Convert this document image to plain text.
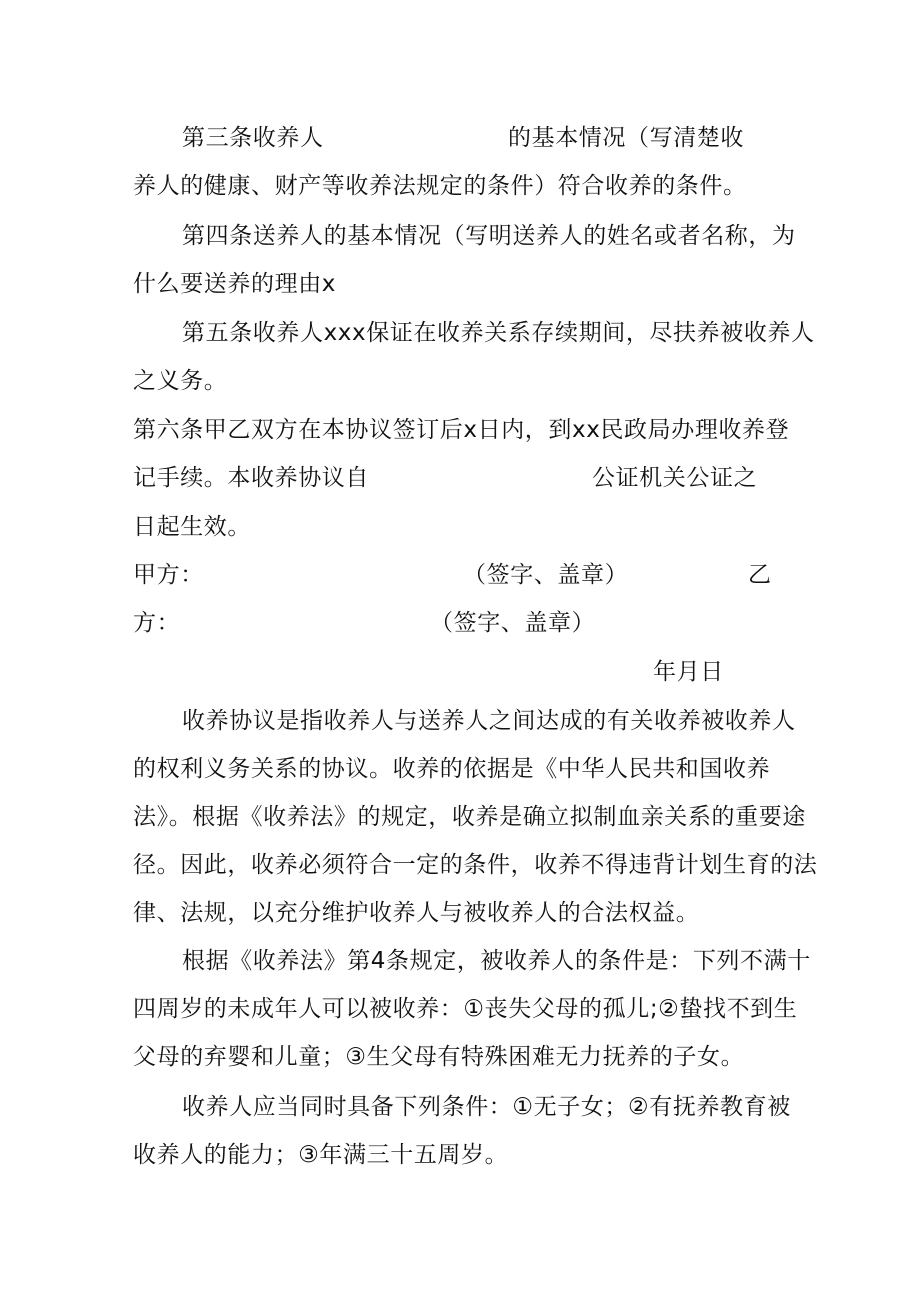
第三条收养人	的基本情况（写清楚收
养人的健康、财产等收养法规定的条件）符合收养的条件。
第四条送养人的基本情况（写明送养人的姓名或者名称，为
什么要送养的理由x
第五条收养人xxx保证在收养关系存续期间，尽扶养被收养人
之义务。
第六条甲乙双方在本协议签订后x日内，到xx民政局办理收养登
记手续。本收养协议自	公证机关公证之
日起生效。
甲方：	（签字、盖章）	乙
方：	（签字、盖章）
年月日
收养协议是指收养人与送养人之间达成的有关收养被收养人
的权利义务关系的协议。收养的依据是《中华人民共和国收养
法》。根据《收养法》的规定，收养是确立拟制血亲关系的重要途
径。因此，收养必须符合一定的条件，收养不得违背计划生育的法
律、法规，以充分维护收养人与被收养人的合法权益。
根据《收养法》第4条规定，被收养人的条件是：下列不满十
四周岁的未成年人可以被收养：①丧失父母的孤儿;②蛰找不到生
父母的弃婴和儿童；③生父母有特殊困难无力抚养的子女。
收养人应当同时具备下列条件：①无子女；②有抚养教育被
收养人的能力；③年满三十五周岁。
